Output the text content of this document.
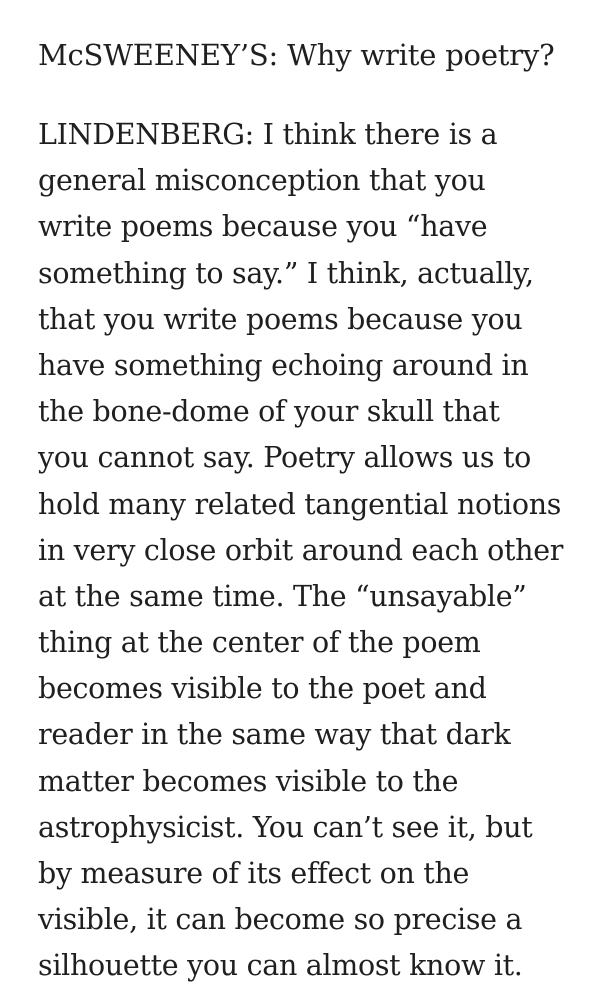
McSWEENEY’S: Why write poetry?

LINDENBERG: I think there is a
general misconception that you
write poems because you “have
something to say.” I think, actually,
that you write poems because you
have something echoing around in
the bone-dome of your skull that
you cannot say. Poetry allows us to
hold many related tangential notions
in very close orbit around each other
at the same time. The “unsayable”
thing at the center of the poem
becomes visible to the poet and
reader in the same way that dark
matter becomes visible to the
astrophysicist. You can’t see it, but
by measure of its effect on the
visible, it can become so precise a
silhouette you can almost know it.
